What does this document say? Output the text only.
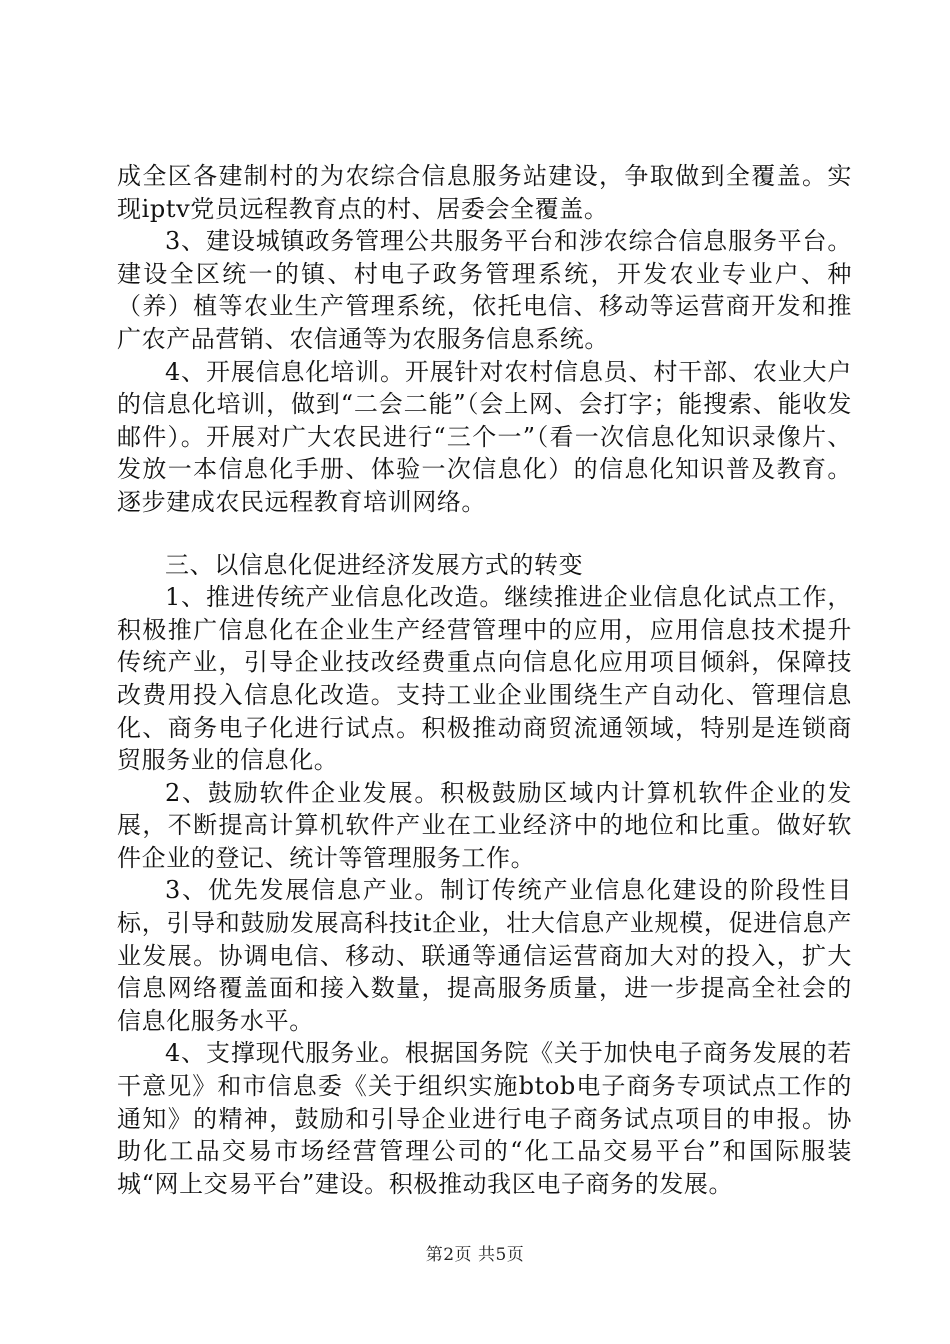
成全区各建制村的为农综合信息服务站建设，争取做到全覆盖。实现iptv党员远程教育点的村、居委会全覆盖。

3、建设城镇政务管理公共服务平台和涉农综合信息服务平台。建设全区统一的镇、村电子政务管理系统，开发农业专业户、种（养）植等农业生产管理系统，依托电信、移动等运营商开发和推广农产品营销、农信通等为农服务信息系统。

4、开展信息化培训。开展针对农村信息员、村干部、农业大户的信息化培训，做到“二会二能”（会上网、会打字；能搜索、能收发邮件）。开展对广大农民进行“三个一”（看一次信息化知识录像片、发放一本信息化手册、体验一次信息化）的信息化知识普及教育。逐步建成农民远程教育培训网络。

三、以信息化促进经济发展方式的转变

1、推进传统产业信息化改造。继续推进企业信息化试点工作，积极推广信息化在企业生产经营管理中的应用，应用信息技术提升传统产业，引导企业技改经费重点向信息化应用项目倾斜，保障技改费用投入信息化改造。支持工业企业围绕生产自动化、管理信息化、商务电子化进行试点。积极推动商贸流通领域，特别是连锁商贸服务业的信息化。

2、鼓励软件企业发展。积极鼓励区域内计算机软件企业的发展，不断提高计算机软件产业在工业经济中的地位和比重。做好软件企业的登记、统计等管理服务工作。

3、优先发展信息产业。制订传统产业信息化建设的阶段性目标，引导和鼓励发展高科技it企业，壮大信息产业规模，促进信息产业发展。协调电信、移动、联通等通信运营商加大对的投入，扩大信息网络覆盖面和接入数量，提高服务质量，进一步提高全社会的信息化服务水平。

4、支撑现代服务业。根据国务院《关于加快电子商务发展的若干意见》和市信息委《关于组织实施btob电子商务专项试点工作的通知》的精神，鼓励和引导企业进行电子商务试点项目的申报。协助化工品交易市场经营管理公司的“化工品交易平台”和国际服装城“网上交易平台”建设。积极推动我区电子商务的发展。

第2页 共5页
